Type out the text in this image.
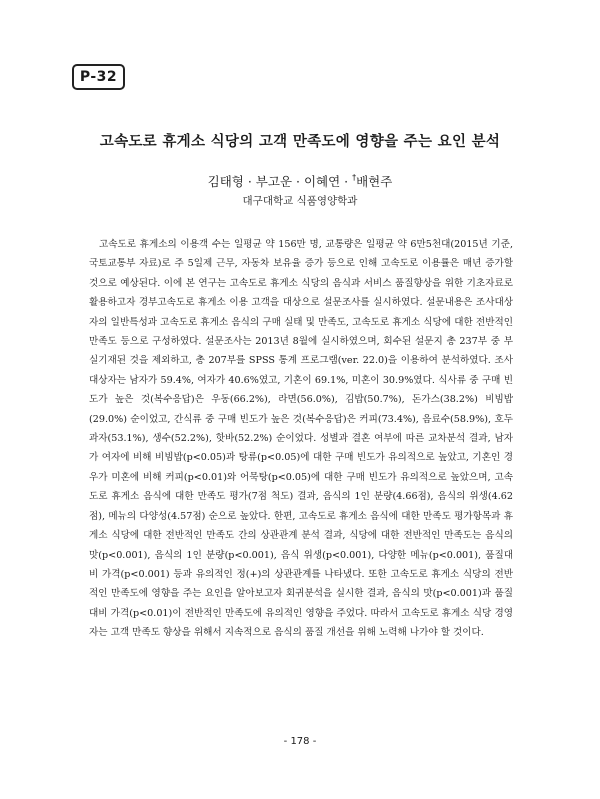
P-32
고속도로 휴게소 식당의 고객 만족도에 영향을 주는 요인 분석
김태형 · 부고운 · 이혜연 · †배현주
대구대학교 식품영양학과

고속도로 휴게소의 이용객 수는 일평균 약 156만 명, 교통량은 일평균 약 6만5천대(2015년 기준, 국토교통부 자료)로 주 5일제 근무, 자동차 보유율 증가 등으로 인해 고속도로 이용률은 매년 증가할 것으로 예상된다. 이에 본 연구는 고속도로 휴게소 식당의 음식과 서비스 품질향상을 위한 기초자료로 활용하고자 경부고속도로 휴게소 이용 고객을 대상으로 설문조사를 실시하였다. 설문내용은 조사대상자의 일반특성과 고속도로 휴게소 음식의 구매 실태 및 만족도, 고속도로 휴게소 식당에 대한 전반적인 만족도 등으로 구성하였다. 설문조사는 2013년 8월에 실시하였으며, 회수된 설문지 총 237부 중 부실기재된 것을 제외하고, 총 207부를 SPSS 통계 프로그램(ver. 22.0)을 이용하여 분석하였다. 조사대상자는 남자가 59.4%, 여자가 40.6%였고, 기혼이 69.1%, 미혼이 30.9%였다. 식사류 중 구매 빈도가 높은 것(복수응답)은 우동(66.2%), 라면(56.0%), 김밥(50.7%), 돈가스(38.2%) 비빔밥(29.0%) 순이었고, 간식류 중 구매 빈도가 높은 것(복수응답)은 커피(73.4%), 음료수(58.9%), 호두과자(53.1%), 생수(52.2%), 핫바(52.2%) 순이었다. 성별과 결혼 여부에 따른 교차분석 결과, 남자가 여자에 비해 비빔밥(p<0.05)과 탕류(p<0.05)에 대한 구매 빈도가 유의적으로 높았고, 기혼인 경우가 미혼에 비해 커피(p<0.01)와 어묵탕(p<0.05)에 대한 구매 빈도가 유의적으로 높았으며, 고속도로 휴게소 음식에 대한 만족도 평가(7점 척도) 결과, 음식의 1인 분량(4.66점), 음식의 위생(4.62점), 메뉴의 다양성(4.57점) 순으로 높았다. 한편, 고속도로 휴게소 음식에 대한 만족도 평가항목과 휴게소 식당에 대한 전반적인 만족도 간의 상관관계 분석 결과, 식당에 대한 전반적인 만족도는 음식의 맛(p<0.001), 음식의 1인 분량(p<0.001), 음식 위생(p<0.001), 다양한 메뉴(p<0.001), 품질대비 가격(p<0.001) 등과 유의적인 정(+)의 상관관계를 나타냈다. 또한 고속도로 휴게소 식당의 전반적인 만족도에 영향을 주는 요인을 알아보고자 회귀분석을 실시한 결과, 음식의 맛(p<0.001)과 품질대비 가격(p<0.01)이 전반적인 만족도에 유의적인 영향을 주었다. 따라서 고속도로 휴게소 식당 경영자는 고객 만족도 향상을 위해서 지속적으로 음식의 품질 개선을 위해 노력해 나가야 할 것이다.

- 178 -
